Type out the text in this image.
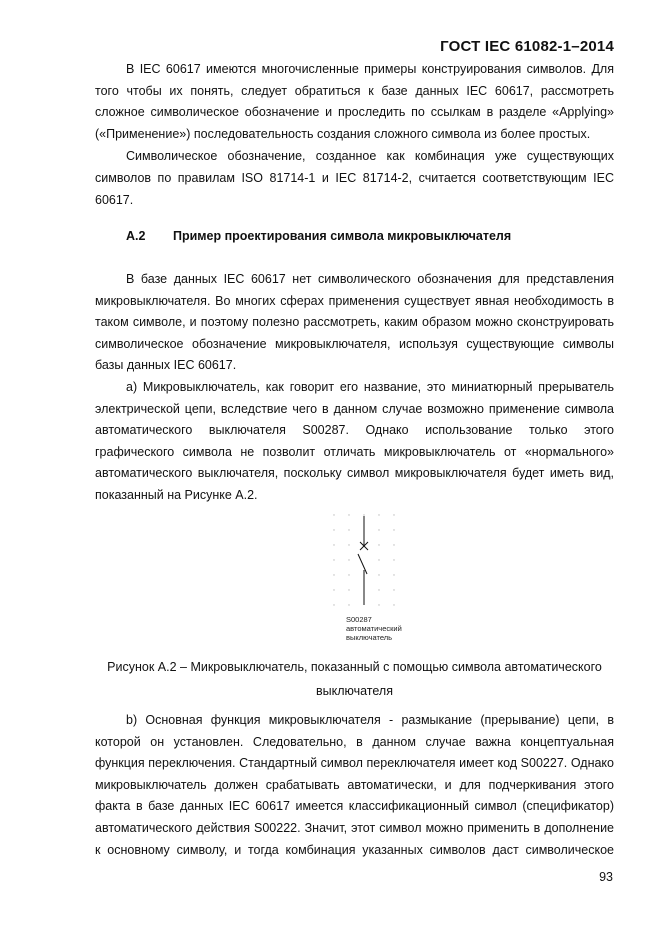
ГОСТ IEC 61082-1–2014

В IEC 60617 имеются многочисленные примеры конструирования символов. Для того чтобы их понять, следует обратиться к базе данных IEC 60617, рассмотреть сложное символическое обозначение и проследить по ссылкам в разделе «Applying» («Применение») последовательность создания сложного символа из более простых.

Символическое обозначение, созданное как комбинация уже существующих символов по правилам ISO 81714-1 и IEC 81714-2, считается соответствующим IEC 60617.

А.2 Пример проектирования символа микровыключателя

В базе данных IEC 60617 нет символического обозначения для представления микровыключателя. Во многих сферах применения существует явная необходимость в таком символе, и поэтому полезно рассмотреть, каким образом можно сконструировать символическое обозначение микровыключателя, используя существующие символы базы данных IEC 60617.

a) Микровыключатель, как говорит его название, это миниатюрный прерыватель электрической цепи, вследствие чего в данном случае возможно применение символа автоматического выключателя S00287. Однако использование только этого графического символа не позволит отличать микровыключатель от «нормального» автоматического выключателя, поскольку символ микровыключателя будет иметь вид, показанный на Рисунке А.2.

S00287
автоматический
выключатель
Рисунок А.2 – Микровыключатель, показанный с помощью символа автоматического
выключателя

b) Основная функция микровыключателя - размыкание (прерывание) цепи, в которой он установлен. Следовательно, в данном случае важна концептуальная функция переключения. Стандартный символ переключателя имеет код S00227. Однако микровыключатель должен срабатывать автоматически, и для подчеркивания этого факта в базе данных IEC 60617 имеется классификационный символ (спецификатор) автоматического действия S00222. Значит, этот символ можно применить в дополнение к основному символу, и тогда комбинация указанных символов даст символическое

93
